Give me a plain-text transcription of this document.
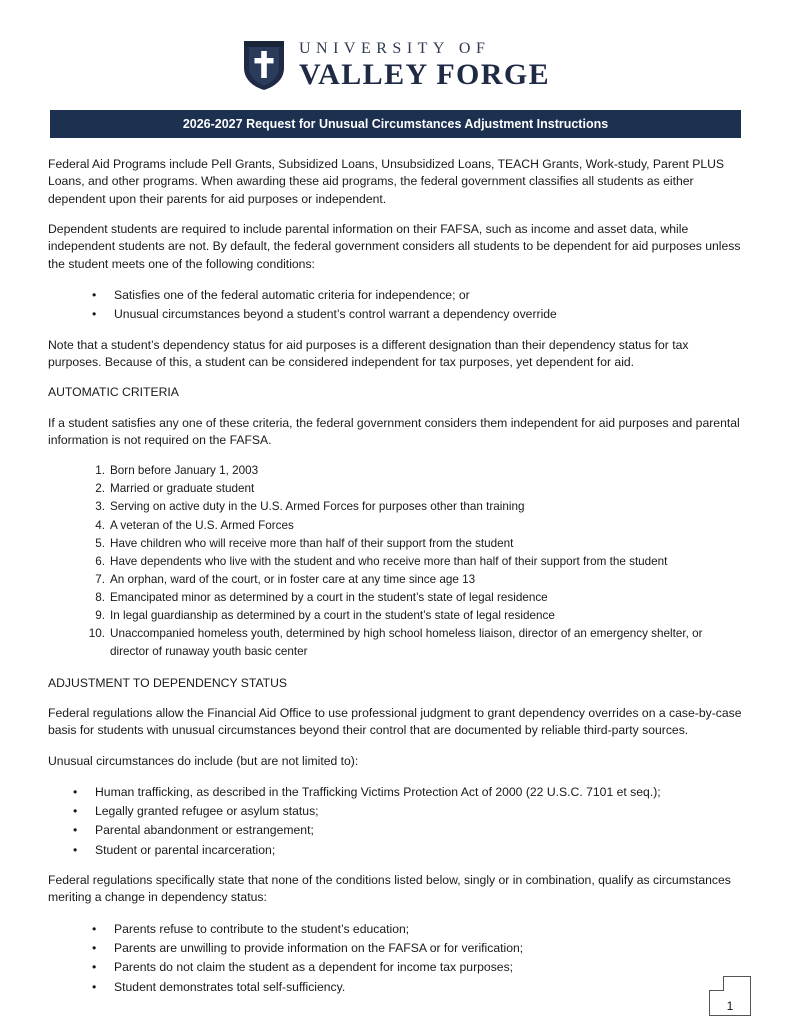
UNIVERSITY OF
VALLEY FORGE
2026-2027 Request for Unusual Circumstances Adjustment Instructions

Federal Aid Programs include Pell Grants, Subsidized Loans, Unsubsidized Loans, TEACH Grants, Work-study, Parent PLUS Loans, and other programs. When awarding these aid programs, the federal government classifies all students as either dependent upon their parents for aid purposes or independent.

Dependent students are required to include parental information on their FAFSA, such as income and asset data, while independent students are not. By default, the federal government considers all students to be dependent for aid purposes unless the student meets one of the following conditions:

• Satisfies one of the federal automatic criteria for independence; or
• Unusual circumstances beyond a student’s control warrant a dependency override

Note that a student’s dependency status for aid purposes is a different designation than their dependency status for tax purposes. Because of this, a student can be considered independent for tax purposes, yet dependent for aid.

AUTOMATIC CRITERIA

If a student satisfies any one of these criteria, the federal government considers them independent for aid purposes and parental information is not required on the FAFSA.

Born before January 1, 2003
Married or graduate student
Serving on active duty in the U.S. Armed Forces for purposes other than training
A veteran of the U.S. Armed Forces
Have children who will receive more than half of their support from the student
Have dependents who live with the student and who receive more than half of their support from the student
An orphan, ward of the court, or in foster care at any time since age 13
Emancipated minor as determined by a court in the student’s state of legal residence
In legal guardianship as determined by a court in the student’s state of legal residence
Unaccompanied homeless youth, determined by high school homeless liaison, director of an emergency shelter, or director of runaway youth basic center
ADJUSTMENT TO DEPENDENCY STATUS

Federal regulations allow the Financial Aid Office to use professional judgment to grant dependency overrides on a case-by-case basis for students with unusual circumstances beyond their control that are documented by reliable third-party sources.

Unusual circumstances do include (but are not limited to):

• Human trafficking, as described in the Trafficking Victims Protection Act of 2000 (22 U.S.C. 7101 et seq.);
• Legally granted refugee or asylum status;
• Parental abandonment or estrangement;
• Student or parental incarceration;

Federal regulations specifically state that none of the conditions listed below, singly or in combination, qualify as circumstances meriting a change in dependency status:

• Parents refuse to contribute to the student’s education;
• Parents are unwilling to provide information on the FAFSA or for verification;
• Parents do not claim the student as a dependent for income tax purposes;
• Student demonstrates total self-sufficiency.
1
